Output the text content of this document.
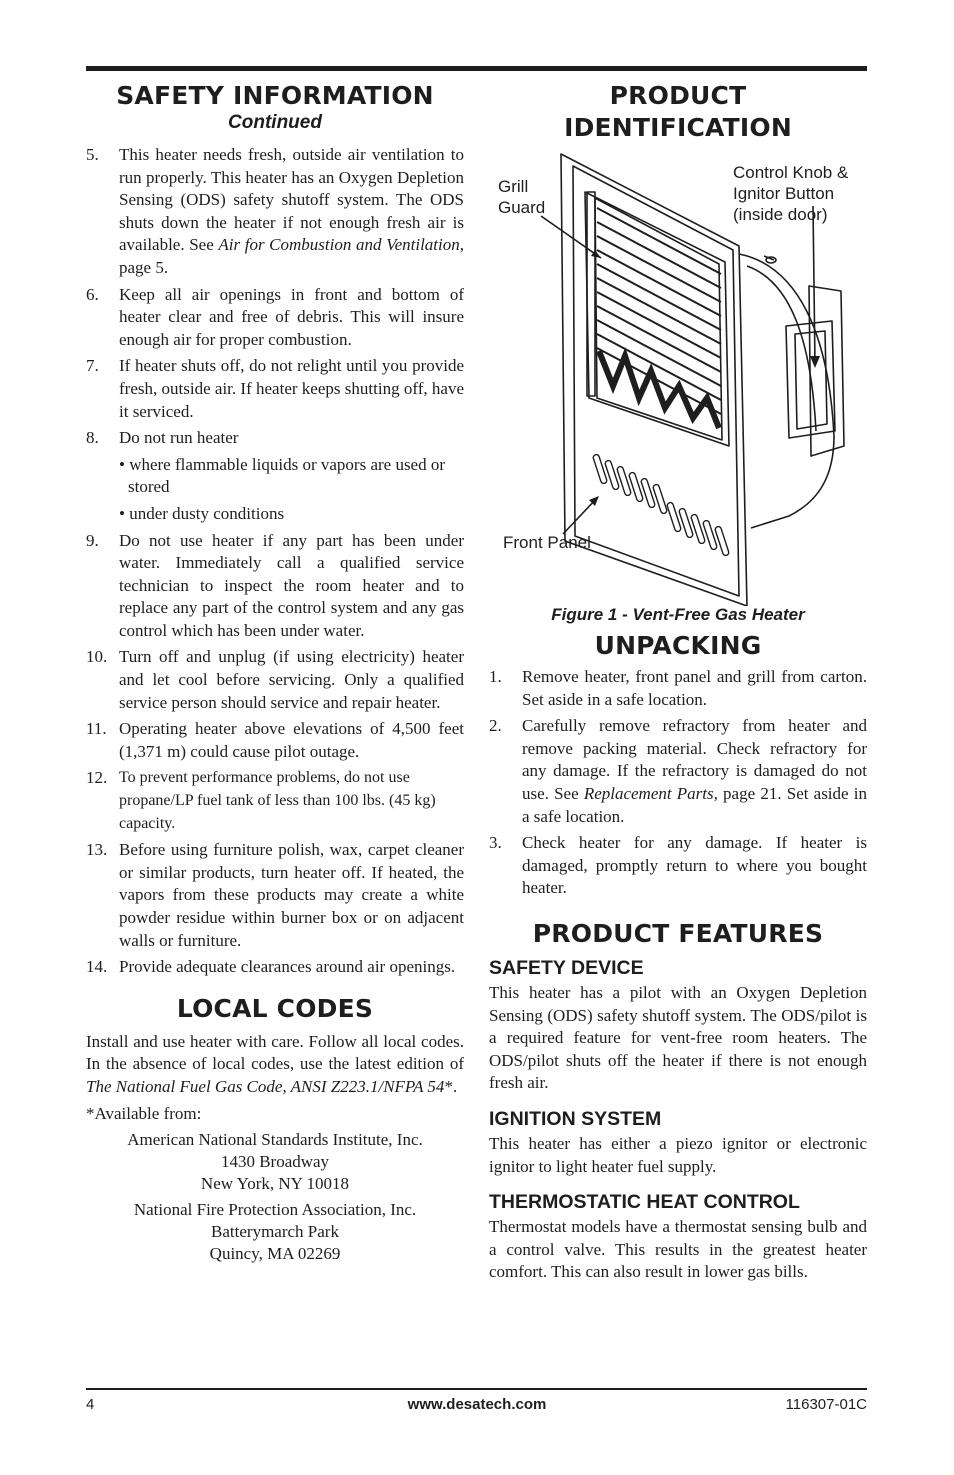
SAFETY INFORMATION
Continued
5. This heater needs fresh, outside air ventilation to run properly. This heater has an Oxygen Depletion Sensing (ODS) safety shutoff system. The ODS shuts down the heater if not enough fresh air is available. See Air for Combustion and Ventilation, page 5.
6. Keep all air openings in front and bottom of heater clear and free of debris. This will insure enough air for proper combustion.
7. If heater shuts off, do not relight until you provide fresh, outside air. If heater keeps shutting off, have it serviced.
8. Do not run heater
• where flammable liquids or vapors are used or stored
• under dusty conditions
9. Do not use heater if any part has been under water. Immediately call a qualified service technician to inspect the room heater and to replace any part of the control system and any gas control which has been under water.
10. Turn off and unplug (if using electricity) heater and let cool before servicing. Only a qualified service person should service and repair heater.
11. Operating heater above elevations of 4,500 feet (1,371 m) could cause pilot outage.
12. To prevent performance problems, do not use propane/LP fuel tank of less than 100 lbs. (45 kg) capacity.
13. Before using furniture polish, wax, carpet cleaner or similar products, turn heater off. If heated, the vapors from these products may create a white powder residue within burner box or on adjacent walls or furniture.
14. Provide adequate clearances around air openings.
LOCAL CODES

Install and use heater with care. Follow all local codes. In the absence of local codes, use the latest edition of The National Fuel Gas Code, ANSI Z223.1/NFPA 54*.

*Available from:

American National Standards Institute, Inc.

1430 Broadway

New York, NY 10018

National Fire Protection Association, Inc.

Batterymarch Park

Quincy, MA 02269

PRODUCT
IDENTIFICATION
Grill
Guard
Control Knob &
Ignitor Button
(inside door)
Front Panel
Figure 1 - Vent-Free Gas Heater
UNPACKING
1. Remove heater, front panel and grill from carton. Set aside in a safe location.
2. Carefully remove refractory from heater and remove packing material. Check refractory for any damage. If the refractory is damaged do not use. See Replacement Parts, page 21. Set aside in a safe location.
3. Check heater for any damage. If heater is damaged, promptly return to where you bought heater.
PRODUCT FEATURES
SAFETY DEVICE

This heater has a pilot with an Oxygen Depletion Sensing (ODS) safety shutoff system. The ODS/pilot is a required feature for vent-free room heaters. The ODS/pilot shuts off the heater if there is not enough fresh air.

IGNITION SYSTEM

This heater has either a piezo ignitor or electronic ignitor to light heater fuel supply.

THERMOSTATIC HEAT CONTROL

Thermostat models have a thermostat sensing bulb and a control valve. This results in the greatest heater comfort. This can also result in lower gas bills.

4	www.desatech.com	116307-01C
